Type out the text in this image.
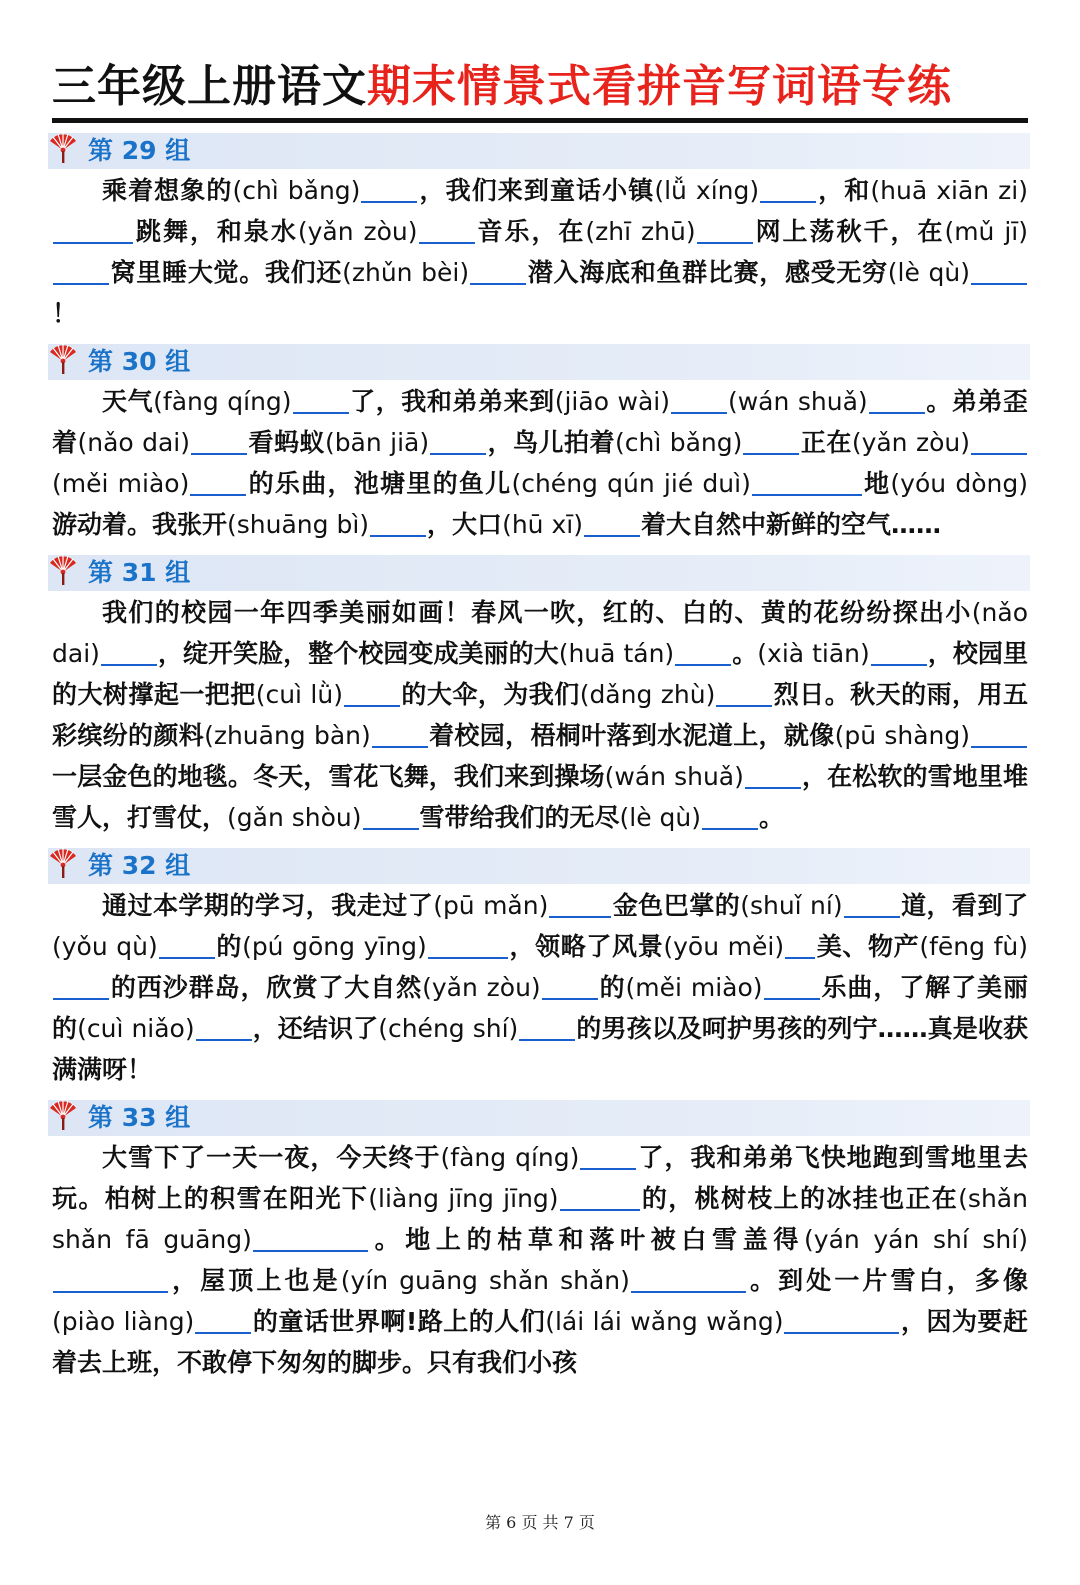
三年级上册语文期末情景式看拼音写词语专练
第 29 组

乘着想象的(chì bǎng) ，我们来到童话小镇(lǚ xíng) ，和(huā xiān zi)跳舞，和泉水(yǎn zòu) 音乐，在(zhī zhū) 网上荡秋千，在(mǔ jī)窝里睡大觉。我们还(zhǔn bèi) 潜入海底和鱼群比赛，感受无穷(lè qù)！

第 30 组

天气(fàng qíng) 了，我和弟弟来到(jiāo wài) (wán shuǎ) 。弟弟歪着(nǎo dai) 看蚂蚁(bān jiā) ，鸟儿拍着(chì bǎng) 正在(yǎn zòu)(měi miào) 的乐曲，池塘里的鱼儿(chéng qún jié duì)	地(yóu dòng)游动着。我张开(shuāng bì) ，大口(hū xī) 着大自然中新鲜的空气……

第 31 组

我们的校园一年四季美丽如画！春风一吹，红的、白的、黄的花纷纷探出小(nǎo dai) ，绽开笑脸，整个校园变成美丽的大(huā tán) 。(xià tiān) ，校园里的大树撑起一把把(cuì lǜ) 的大伞，为我们(dǎng zhù) 烈日。秋天的雨，用五彩缤纷的颜料(zhuāng bàn) 着校园，梧桐叶落到水泥道上，就像(pū shàng)一层金色的地毯。冬天，雪花飞舞，我们来到操场(wán shuǎ) ，在松软的雪地里堆雪人，打雪仗，(gǎn shòu) 雪带给我们的无尽(lè qù) 。

第 32 组

通过本学期的学习，我走过了(pū mǎn)	金色巴掌的(shuǐ ní) 道，看到了(yǒu qù) 的(pú gōng yīng)	，领略了风景(yōu měi) 美、物产(fēng fù)的西沙群岛，欣赏了大自然(yǎn zòu) 的(měi miào) 乐曲，了解了美丽的(cuì niǎo) ，还结识了(chéng shí) 的男孩以及呵护男孩的列宁……真是收获满满呀！

第 33 组

大雪下了一天一夜，今天终于(fàng qíng) 了，我和弟弟飞快地跑到雪地里去玩。柏树上的积雪在阳光下(liàng jīng jīng)	的，桃树枝上的冰挂也正在(shǎn shǎn fā guāng)	。地上的枯草和落叶被白雪盖得(yán yán shí shí)，屋顶上也是(yín guāng shǎn shǎn)	。到处一片雪白，多像(piào liàng) 的童话世界啊!路上的人们(lái lái wǎng wǎng)	，因为要赶着去上班，不敢停下匆匆的脚步。只有我们小孩

第 6 页 共 7 页
